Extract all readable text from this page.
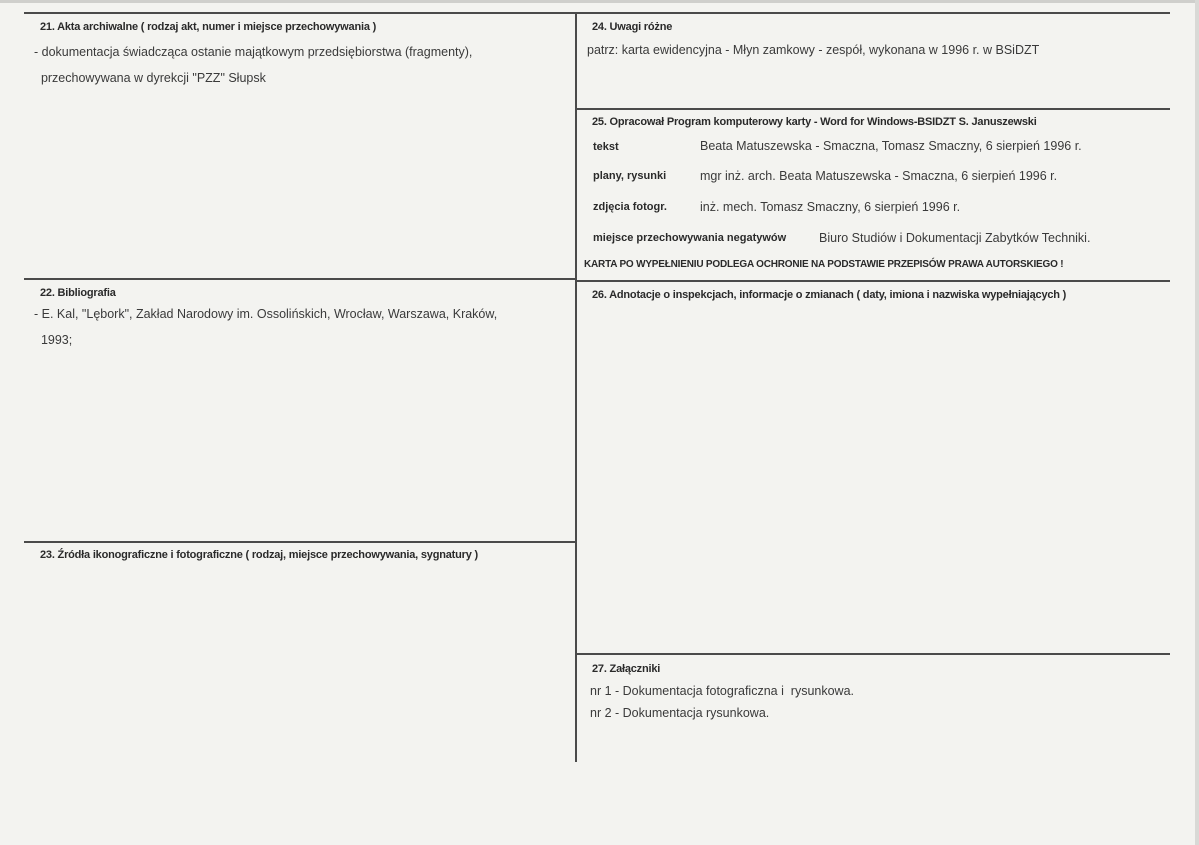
21. Akta archiwalne ( rodzaj akt, numer i miejsce przechowywania )
- dokumentacja świadcząca ostanie majątkowym przedsiębiorstwa (fragmenty),
przechowywana w dyrekcji "PZZ" Słupsk
22. Bibliografia
- E. Kal, "Lębork", Zakład Narodowy im. Ossolińskich, Wrocław, Warszawa, Kraków,
1993;
23. Źródła ikonograficzne i fotograficzne ( rodzaj, miejsce przechowywania, sygnatury )
24. Uwagi różne
patrz: karta ewidencyjna - Młyn zamkowy - zespół, wykonana w 1996 r. w BSiDZT
25. Opracował Program komputerowy karty - Word for Windows-BSIDZT S. Januszewski
tekst	Beata Matuszewska - Smaczna, Tomasz Smaczny, 6 sierpień 1996 r.
plany, rysunki	mgr inż. arch. Beata Matuszewska - Smaczna, 6 sierpień 1996 r.
zdjęcia fotogr.	inż. mech. Tomasz Smaczny, 6 sierpień 1996 r.
miejsce przechowywania negatywów	Biuro Studiów i Dokumentacji Zabytków Techniki.
KARTA PO WYPEŁNIENIU PODLEGA OCHRONIE NA PODSTAWIE PRZEPISÓW PRAWA AUTORSKIEGO !
26. Adnotacje o inspekcjach, informacje o zmianach ( daty, imiona i nazwiska wypełniających )
27. Załączniki
nr 1 - Dokumentacja fotograficzna i  rysunkowa.
nr 2 - Dokumentacja rysunkowa.
